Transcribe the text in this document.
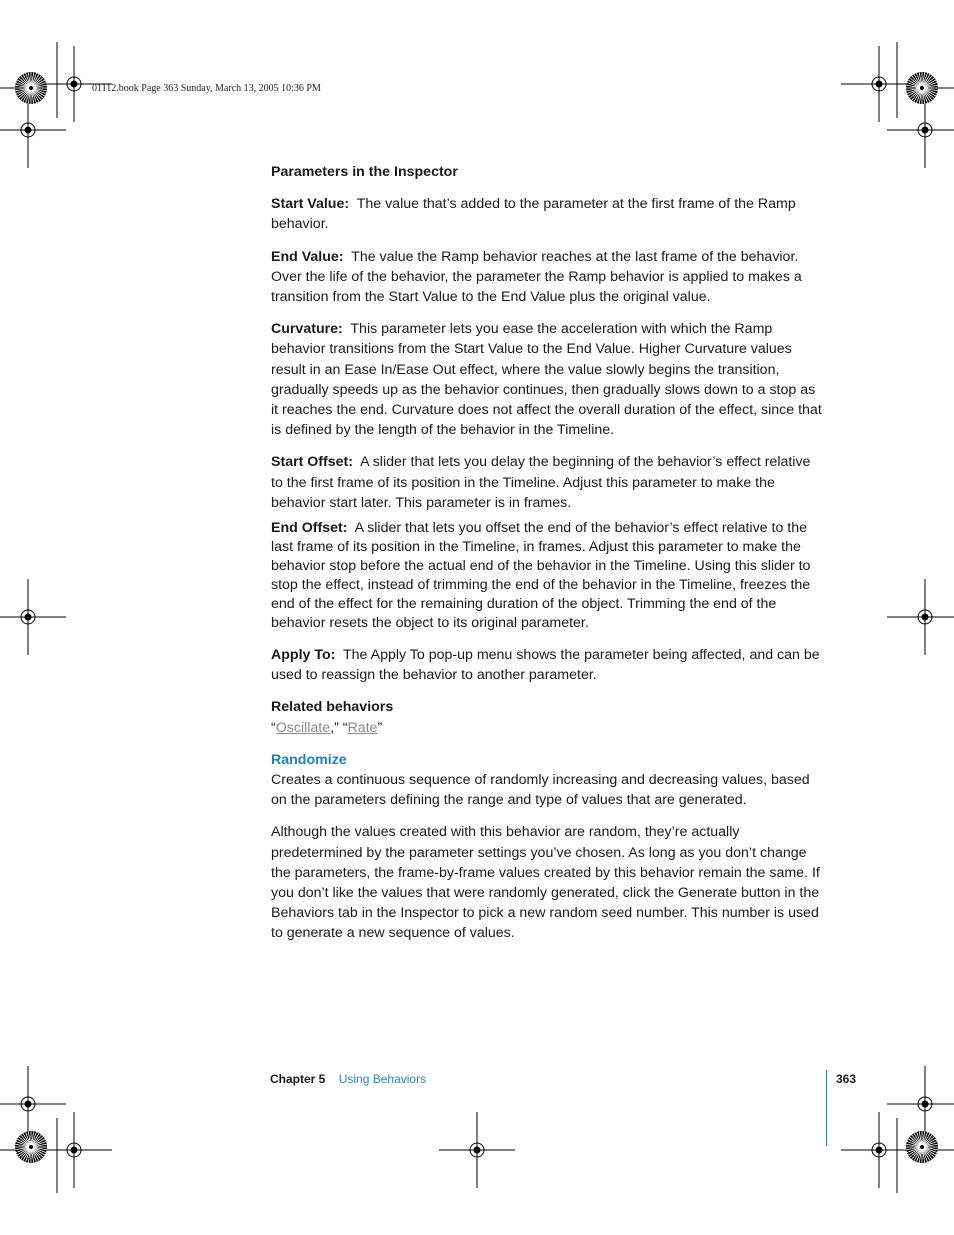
01112.book Page 363 Sunday, March 13, 2005 10:36 PM

Parameters in the Inspector

Start Value: The value that’s added to the parameter at the first frame of the Ramp behavior.

End Value: The value the Ramp behavior reaches at the last frame of the behavior. Over the life of the behavior, the parameter the Ramp behavior is applied to makes a transition from the Start Value to the End Value plus the original value.

Curvature: This parameter lets you ease the acceleration with which the Ramp behavior transitions from the Start Value to the End Value. Higher Curvature values result in an Ease In/Ease Out effect, where the value slowly begins the transition, gradually speeds up as the behavior continues, then gradually slows down to a stop as it reaches the end. Curvature does not affect the overall duration of the effect, since that is defined by the length of the behavior in the Timeline.

Start Offset: A slider that lets you delay the beginning of the behavior’s effect relative to the first frame of its position in the Timeline. Adjust this parameter to make the behavior start later. This parameter is in frames.

End Offset: A slider that lets you offset the end of the behavior’s effect relative to the last frame of its position in the Timeline, in frames. Adjust this parameter to make the behavior stop before the actual end of the behavior in the Timeline. Using this slider to stop the effect, instead of trimming the end of the behavior in the Timeline, freezes the end of the effect for the remaining duration of the object. Trimming the end of the behavior resets the object to its original parameter.

Apply To: The Apply To pop-up menu shows the parameter being affected, and can be used to reassign the behavior to another parameter.

Related behaviors

“Oscillate,” “Rate”

Randomize

Creates a continuous sequence of randomly increasing and decreasing values, based on the parameters defining the range and type of values that are generated.

Although the values created with this behavior are random, they’re actually predetermined by the parameter settings you’ve chosen. As long as you don’t change the parameters, the frame-by-frame values created by this behavior remain the same. If you don’t like the values that were randomly generated, click the Generate button in the Behaviors tab in the Inspector to pick a new random seed number. This number is used to generate a new sequence of values.

Chapter 5 Using Behaviors	363
